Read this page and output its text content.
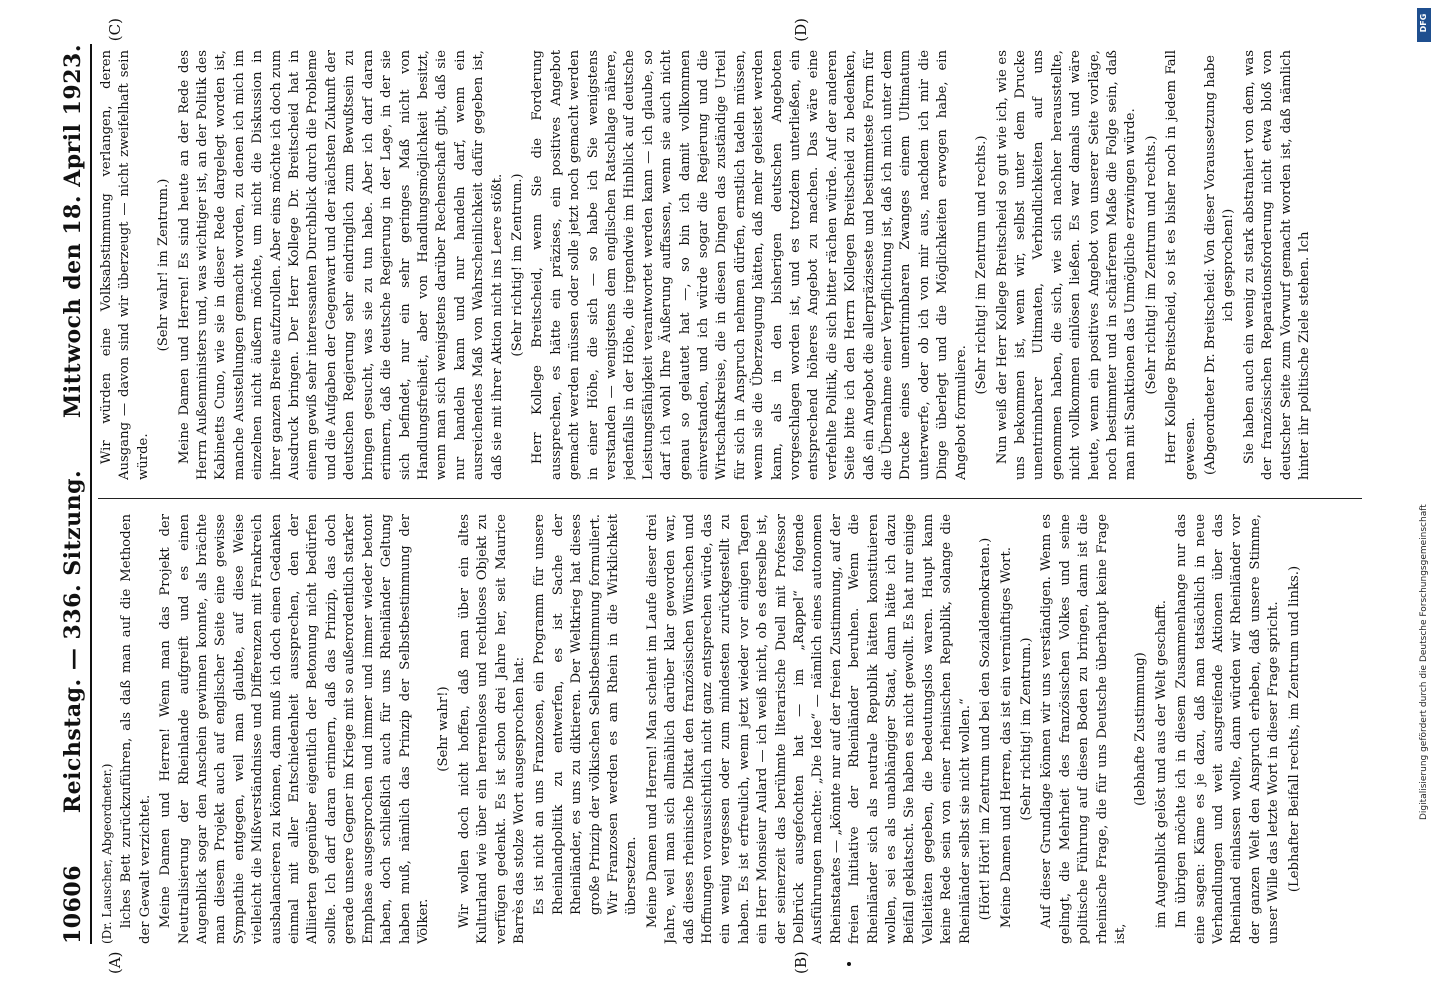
10606
Reichstag. — 336. Sitzung.
Mittwoch den 18. April 1923.
(A)	(B)
(C)	(D)

(Dr. Lauscher, Abgeordneter.) liches Bett zurückzuführen, als daß man auf die Methoden der Gewalt verzichtet. Meine Damen und Herren! Wenn man das Projekt der Neutralisierung der Rheinlande aufgreift und es einen Augenblick sogar den Anschein gewinnen konnte, als brächte man diesem Projekt auch auf englischer Seite eine gewisse Sympathie entgegen, weil man glaubte, auf diese Weise vielleicht die Mißverständnisse und Differenzen mit Frankreich ausbalancieren zu können, dann muß ich doch einen Gedanken einmal mit aller Entschiedenheit aussprechen, den der Alliierten gegenüber eigentlich der Betonung nicht bedürfen sollte. Ich darf daran erinnern, daß das Prinzip, das doch gerade unsere Gegner im Kriege mit so außerordentlich starker Emphase ausgesprochen und immer und immer wieder betont haben, doch schließlich auch für uns Rheinländer Geltung haben muß, nämlich das Prinzip der Selbstbestimmung der Völker.

(Sehr wahr!) Wir wollen doch nicht hoffen, daß man über ein altes Kulturland wie über ein herrenloses und rechtloses Objekt zu verfügen gedenkt. Es ist schon drei Jahre her, seit Maurice Barrès das stolze Wort ausgesprochen hat: Es ist nicht an uns Franzosen, ein Programm für unsere Rheinlandpolitik zu entwerfen, es ist Sache der Rheinländer, es uns zu diktieren. Der Weltkrieg hat dieses große Prinzip der völkischen Selbstbestimmung formuliert. Wir Franzosen werden es am Rhein in die Wirklichkeit übersetzen. Meine Damen und Herren! Man scheint im Laufe dieser drei Jahre, weil man sich allmählich darüber klar geworden war, daß dieses rheinische Diktat den französischen Wünschen und Hoffnungen voraussichtlich nicht ganz entsprechen würde, das ein wenig vergessen oder zum mindesten zurückgestellt zu haben. Es ist erfreulich, wenn jetzt wieder vor einigen Tagen ein Herr Monsieur Aulard — ich weiß nicht, ob es derselbe ist, der seinerzeit das berühmte literarische Duell mit Professor Delbrück ausgefochten hat — im „Rappel“ folgende Ausführungen machte: „Die Idee“ — nämlich eines autonomen Rheinstaates — „könnte nur auf der freien Zustimmung, auf der freien Initiative der Rheinländer beruhen. Wenn die Rheinländer sich als neutrale Republik hätten konstituieren wollen, sei es als unabhängiger Staat, dann hätte ich dazu Beifall geklatscht. Sie haben es nicht gewollt. Es hat nur einige Velleitäten gegeben, die bedeutungslos waren. Haupt kann keine Rede sein von einer rheinischen Republik, solange die Rheinländer selbst sie nicht wollen.“ (Hört! Hört! im Zentrum und bei den Sozialdemokraten.) Meine Damen und Herren, das ist ein vernünftiges Wort. (Sehr richtig! im Zentrum.) Auf dieser Grundlage können wir uns verständigen. Wenn es gelingt, die Mehrheit des französischen Volkes und seine politische Führung auf diesen Boden zu bringen, dann ist die rheinische Frage, die für uns Deutsche überhaupt keine Frage ist,

(lebhafte Zustimmung) im Augenblick gelöst und aus der Welt geschafft. Im übrigen möchte ich in diesem Zusammenhange nur das eine sagen: Käme es je dazu, daß man tatsächlich in neue Verhandlungen und weit ausgreifende Aktionen über das Rheinland einlassen wollte, dann würden wir Rheinländer vor der ganzen Welt den Anspruch erheben, daß unsere Stimme, unser Wille das letzte Wort in dieser Frage spricht. (Lebhafter Beifall rechts, im Zentrum und links.)

Wir würden eine Volksabstimmung verlangen, deren Ausgang — davon sind wir überzeugt — nicht zweifelhaft sein würde.

(Sehr wahr! im Zentrum.) Meine Damen und Herren! Es sind heute an der Rede des Herrn Außenministers und, was wichtiger ist, an der Politik des Kabinetts Cuno, wie sie in dieser Rede dargelegt worden ist, manche Ausstellungen gemacht worden, zu denen ich mich im einzelnen nicht äußern möchte, um nicht die Diskussion in ihrer ganzen Breite aufzurollen. Aber eins möchte ich doch zum Ausdruck bringen. Der Herr Kollege Dr. Breitscheid hat in einem gewiß sehr interessanten Durchblick durch die Probleme und die Aufgaben der Gegenwart und der nächsten Zukunft der deutschen Regierung sehr eindringlich zum Bewußtsein zu bringen gesucht, was sie zu tun habe. Aber ich darf daran erinnern, daß die deutsche Regierung in der Lage, in der sie sich befindet, nur ein sehr geringes Maß nicht von Handlungsfreiheit, aber von Handlungsmöglichkeit besitzt, wenn man sich wenigstens darüber Rechenschaft gibt, daß sie nur handeln kann und nur handeln darf, wenn ein ausreichendes Maß von Wahrscheinlichkeit dafür gegeben ist, daß sie mit ihrer Aktion nicht ins Leere stößt. (Sehr richtig! im Zentrum.) Herr Kollege Breitscheid, wenn Sie die Forderung aussprechen, es hätte ein präzises, ein positives Angebot gemacht werden müssen oder solle jetzt noch gemacht werden in einer Höhe, die sich — so habe ich Sie wenigstens verstanden — wenigstens dem englischen Ratschlage nähere, jedenfalls in der Höhe, die irgendwie im Hinblick auf deutsche Leistungsfähigkeit verantwortet werden kann — ich glaube, so darf ich wohl Ihre Äußerung auffassen, wenn sie auch nicht genau so gelautet hat —, so bin ich damit vollkommen einverstanden, und ich würde sogar die Regierung und die Wirtschaftskreise, die in diesen Dingen das zuständige Urteil für sich in Anspruch nehmen dürfen, ernstlich tadeln müssen, wenn sie die Überzeugung hätten, daß mehr geleistet werden kann, als in den bisherigen deutschen Angeboten vorgeschlagen worden ist, und es trotzdem unterließen, ein entsprechend höheres Angebot zu machen. Das wäre eine verfehlte Politik, die sich bitter rächen würde. Auf der anderen Seite bitte ich den Herrn Kollegen Breitscheid zu bedenken, daß ein Angebot die allerpräziseste und bestimmteste Form für die Übernahme einer Verpflichtung ist, daß ich mich unter dem Drucke eines unentrinnbaren Zwanges einem Ultimatum unterwerfe, oder ob ich von mir aus, nachdem ich mir die Dinge überlegt und die Möglichkeiten erwogen habe, ein Angebot formuliere.

(Sehr richtig! im Zentrum und rechts.) Nun weiß der Herr Kollege Breitscheid so gut wie ich, wie es uns bekommen ist, wenn wir, selbst unter dem Drucke unentrinnbarer Ultimaten, Verbindlichkeiten auf uns genommen haben, die sich, wie sich nachher herausstellte, nicht vollkommen einlösen ließen. Es war damals und wäre heute, wenn ein positives Angebot von unserer Seite vorläge, noch bestimmter und in schärferem Maße die Folge sein, daß man mit Sanktionen das Unmögliche erzwingen würde. (Sehr richtig! im Zentrum und rechts.) Herr Kollege Breitscheid, so ist es bisher noch in jedem Fall gewesen. (Abgeordneter Dr. Breitscheid: Von dieser Voraussetzung habe ich gesprochen!) Sie haben auch ein wenig zu stark abstrahiert von dem, was der französischen Reparationsforderung nicht etwa bloß von deutscher Seite zum Vorwurf gemacht worden ist, daß nämlich hinter ihr politische Ziele stehen. Ich

Digitalisierung gefördert durch die Deutsche Forschungsgemeinschaft
DFG
